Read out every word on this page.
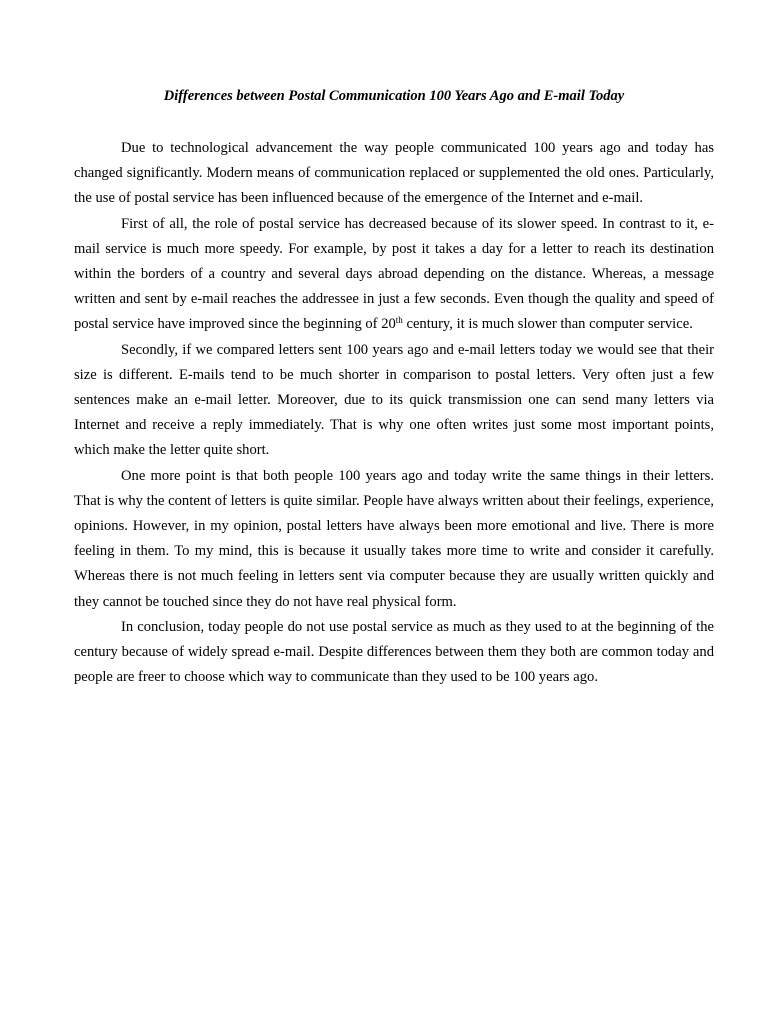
Differences between Postal Communication 100 Years Ago and E-mail Today

Due to technological advancement the way people communicated 100 years ago and today has changed significantly. Modern means of communication replaced or supplemented the old ones. Particularly, the use of postal service has been influenced because of the emergence of the Internet and e-mail.

First of all, the role of postal service has decreased because of its slower speed. In contrast to it, e-mail service is much more speedy. For example, by post it takes a day for a letter to reach its destination within the borders of a country and several days abroad depending on the distance. Whereas, a message written and sent by e-mail reaches the addressee in just a few seconds. Even though the quality and speed of postal service have improved since the beginning of 20th century, it is much slower than computer service.

Secondly, if we compared letters sent 100 years ago and e-mail letters today we would see that their size is different. E-mails tend to be much shorter in comparison to postal letters. Very often just a few sentences make an e-mail letter. Moreover, due to its quick transmission one can send many letters via Internet and receive a reply immediately. That is why one often writes just some most important points, which make the letter quite short.

One more point is that both people 100 years ago and today write the same things in their letters. That is why the content of letters is quite similar. People have always written about their feelings, experience, opinions. However, in my opinion, postal letters have always been more emotional and live. There is more feeling in them. To my mind, this is because it usually takes more time to write and consider it carefully. Whereas there is not much feeling in letters sent via computer because they are usually written quickly and they cannot be touched since they do not have real physical form.

In conclusion, today people do not use postal service as much as they used to at the beginning of the century because of widely spread e-mail. Despite differences between them they both are common today and people are freer to choose which way to communicate than they used to be 100 years ago.
